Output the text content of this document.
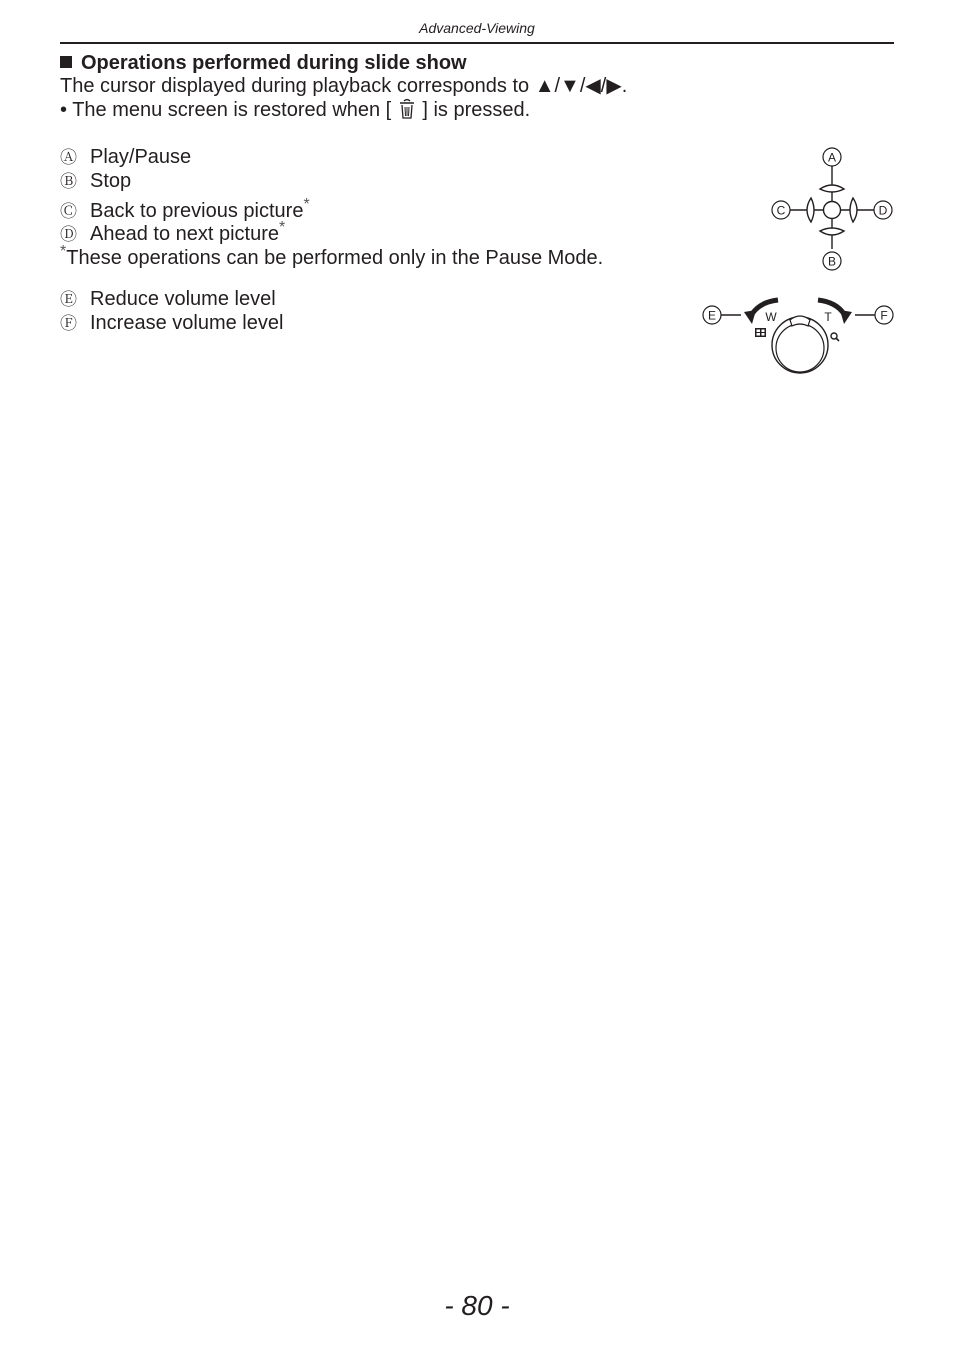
Advanced-Viewing
Operations performed during slide show
The cursor displayed during playback corresponds to ▲/▼/◀/▶.
• The menu screen is restored when [ ] is pressed.
Ⓐ Play/Pause
Ⓑ Stop
Ⓒ Back to previous picture*
Ⓓ Ahead to next picture*
*These operations can be performed only in the Pause Mode.
Ⓔ Reduce volume level
Ⓕ Increase volume level
A
B
C	D
E	F
W	T
- 80 -
